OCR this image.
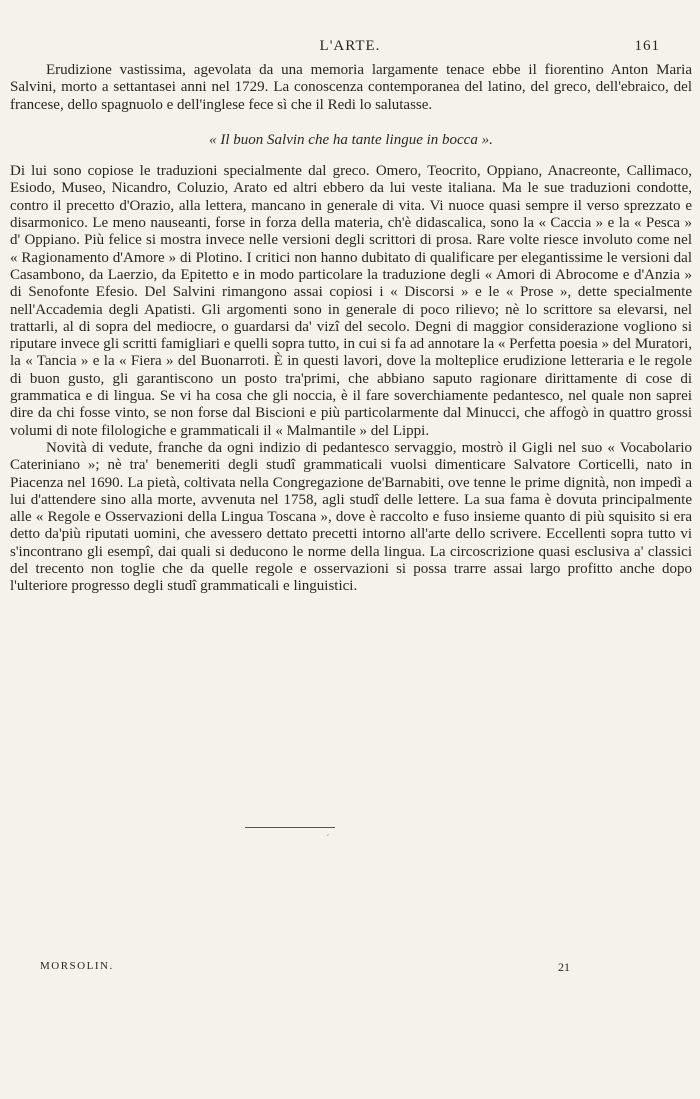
L'ARTE.	161

Erudizione vastissima, agevolata da una memoria largamente tenace ebbe il fiorentino Anton Maria Salvini, morto a settantasei anni nel 1729. La conoscenza contemporanea del latino, del greco, dell'ebraico, del francese, dello spagnuolo e dell'inglese fece sì che il Redi lo salutasse.

« Il buon Salvin che ha tante lingue in bocca ».

Di lui sono copiose le traduzioni specialmente dal greco. Omero, Teocrito, Oppiano, Anacreonte, Callimaco, Esiodo, Museo, Nicandro, Coluzio, Arato ed altri ebbero da lui veste italiana. Ma le sue traduzioni condotte, contro il precetto d'Orazio, alla lettera, mancano in generale di vita. Vi nuoce quasi sempre il verso sprezzato e disarmonico. Le meno nauseanti, forse in forza della materia, ch'è didascalica, sono la « Caccia » e la « Pesca » d' Oppiano. Più felice si mostra invece nelle versioni degli scrittori di prosa. Rare volte riesce involuto come nel « Ragionamento d'Amore » di Plotino. I critici non hanno dubitato di qualificare per elegantissime le versioni dal Casambono, da Laerzio, da Epitetto e in modo particolare la traduzione degli « Amori di Abrocome e d'Anzia » di Senofonte Efesio. Del Salvini rimangono assai copiosi i « Discorsi » e le « Prose », dette specialmente nell'Accademia degli Apatisti. Gli argomenti sono in generale di poco rilievo; nè lo scrittore sa elevarsi, nel trattarli, al di sopra del mediocre, o guardarsi da' vizî del secolo. Degni di maggior considerazione vogliono si riputare invece gli scritti famigliari e quelli sopra tutto, in cui si fa ad annotare la « Perfetta poesia » del Muratori, la « Tancia » e la « Fiera » del Buonarroti. È in questi lavori, dove la molteplice erudizione letteraria e le regole di buon gusto, gli garantiscono un posto tra'primi, che abbiano saputo ragionare dirittamente di cose di grammatica e di lingua. Se vi ha cosa che gli noccia, è il fare soverchiamente pedantesco, nel quale non saprei dire da chi fosse vinto, se non forse dal Biscioni e più particolarmente dal Minucci, che affogò in quattro grossi volumi di note filologiche e grammaticali il « Malmantile » del Lippi.

Novità di vedute, franche da ogni indizio di pedantesco servaggio, mostrò il Gigli nel suo « Vocabolario Cateriniano »; nè tra' benemeriti degli studî grammaticali vuolsi dimenticare Salvatore Corticelli, nato in Piacenza nel 1690. La pietà, coltivata nella Congregazione de'Barnabiti, ove tenne le prime dignità, non impedì a lui d'attendere sino alla morte, avvenuta nel 1758, agli studî delle lettere. La sua fama è dovuta principalmente alle « Regole e Osservazioni della Lingua Toscana », dove è raccolto e fuso insieme quanto di più squisito si era detto da'più riputati uomini, che avessero dettato precetti intorno all'arte dello scrivere. Eccellenti sopra tutto vi s'incontrano gli esempî, dai quali si deducono le norme della lingua. La circoscrizione quasi esclusiva a' classici del trecento non toglie che da quelle regole e osservazioni si possa trarre assai largo profitto anche dopo l'ulteriore progresso degli studî grammaticali e linguistici.

´
MORSOLIN.	21
